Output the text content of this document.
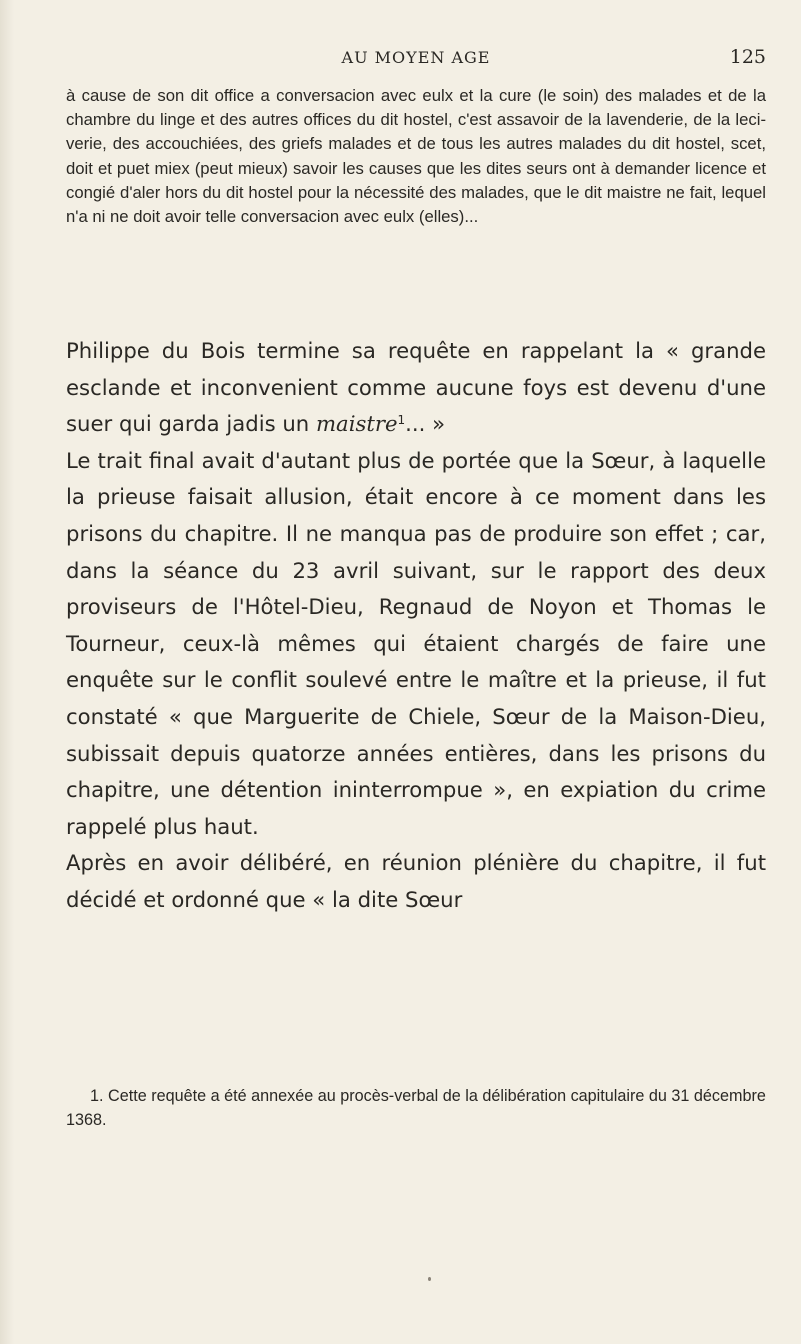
AU MOYEN AGE	125
à cause de son dit office a conversacion avec eulx et la cure (le soin) des malades et de la chambre du linge et des autres offices du dit hostel, c'est assavoir de la lavenderie, de la leciverie, des accouchiées, des griefs malades et de tous les autres malades du dit hostel, scet, doit et puet miex (peut mieux) savoir les causes que les dites seurs ont à demander licence et congié d'aler hors du dit hostel pour la nécessité des malades, que le dit maistre ne fait, lequel n'a ni ne doit avoir telle conversacion avec eulx (elles)...

Philippe du Bois termine sa requête en rappelant la « grande esclande et inconvenient comme aucune foys est devenu d'une suer qui garda jadis un maistre$^1$... »

Le trait final avait d'autant plus de portée que la Sœur, à laquelle la prieuse faisait allusion, était encore à ce moment dans les prisons du chapitre. Il ne manqua pas de produire son effet ; car, dans la séance du 23 avril suivant, sur le rapport des deux proviseurs de l'Hôtel-Dieu, Regnaud de Noyon et Thomas le Tourneur, ceux-là mêmes qui étaient chargés de faire une enquête sur le conflit soulevé entre le maître et la prieuse, il fut constaté « que Marguerite de Chiele, Sœur de la Maison-Dieu, subissait depuis quatorze années entières, dans les prisons du chapitre, une détention ininterrompue », en expiation du crime rappelé plus haut.

Après en avoir délibéré, en réunion plénière du chapitre, il fut décidé et ordonné que « la dite Sœur

1. Cette requête a été annexée au procès-verbal de la délibération capitulaire du 31 décembre 1368.
